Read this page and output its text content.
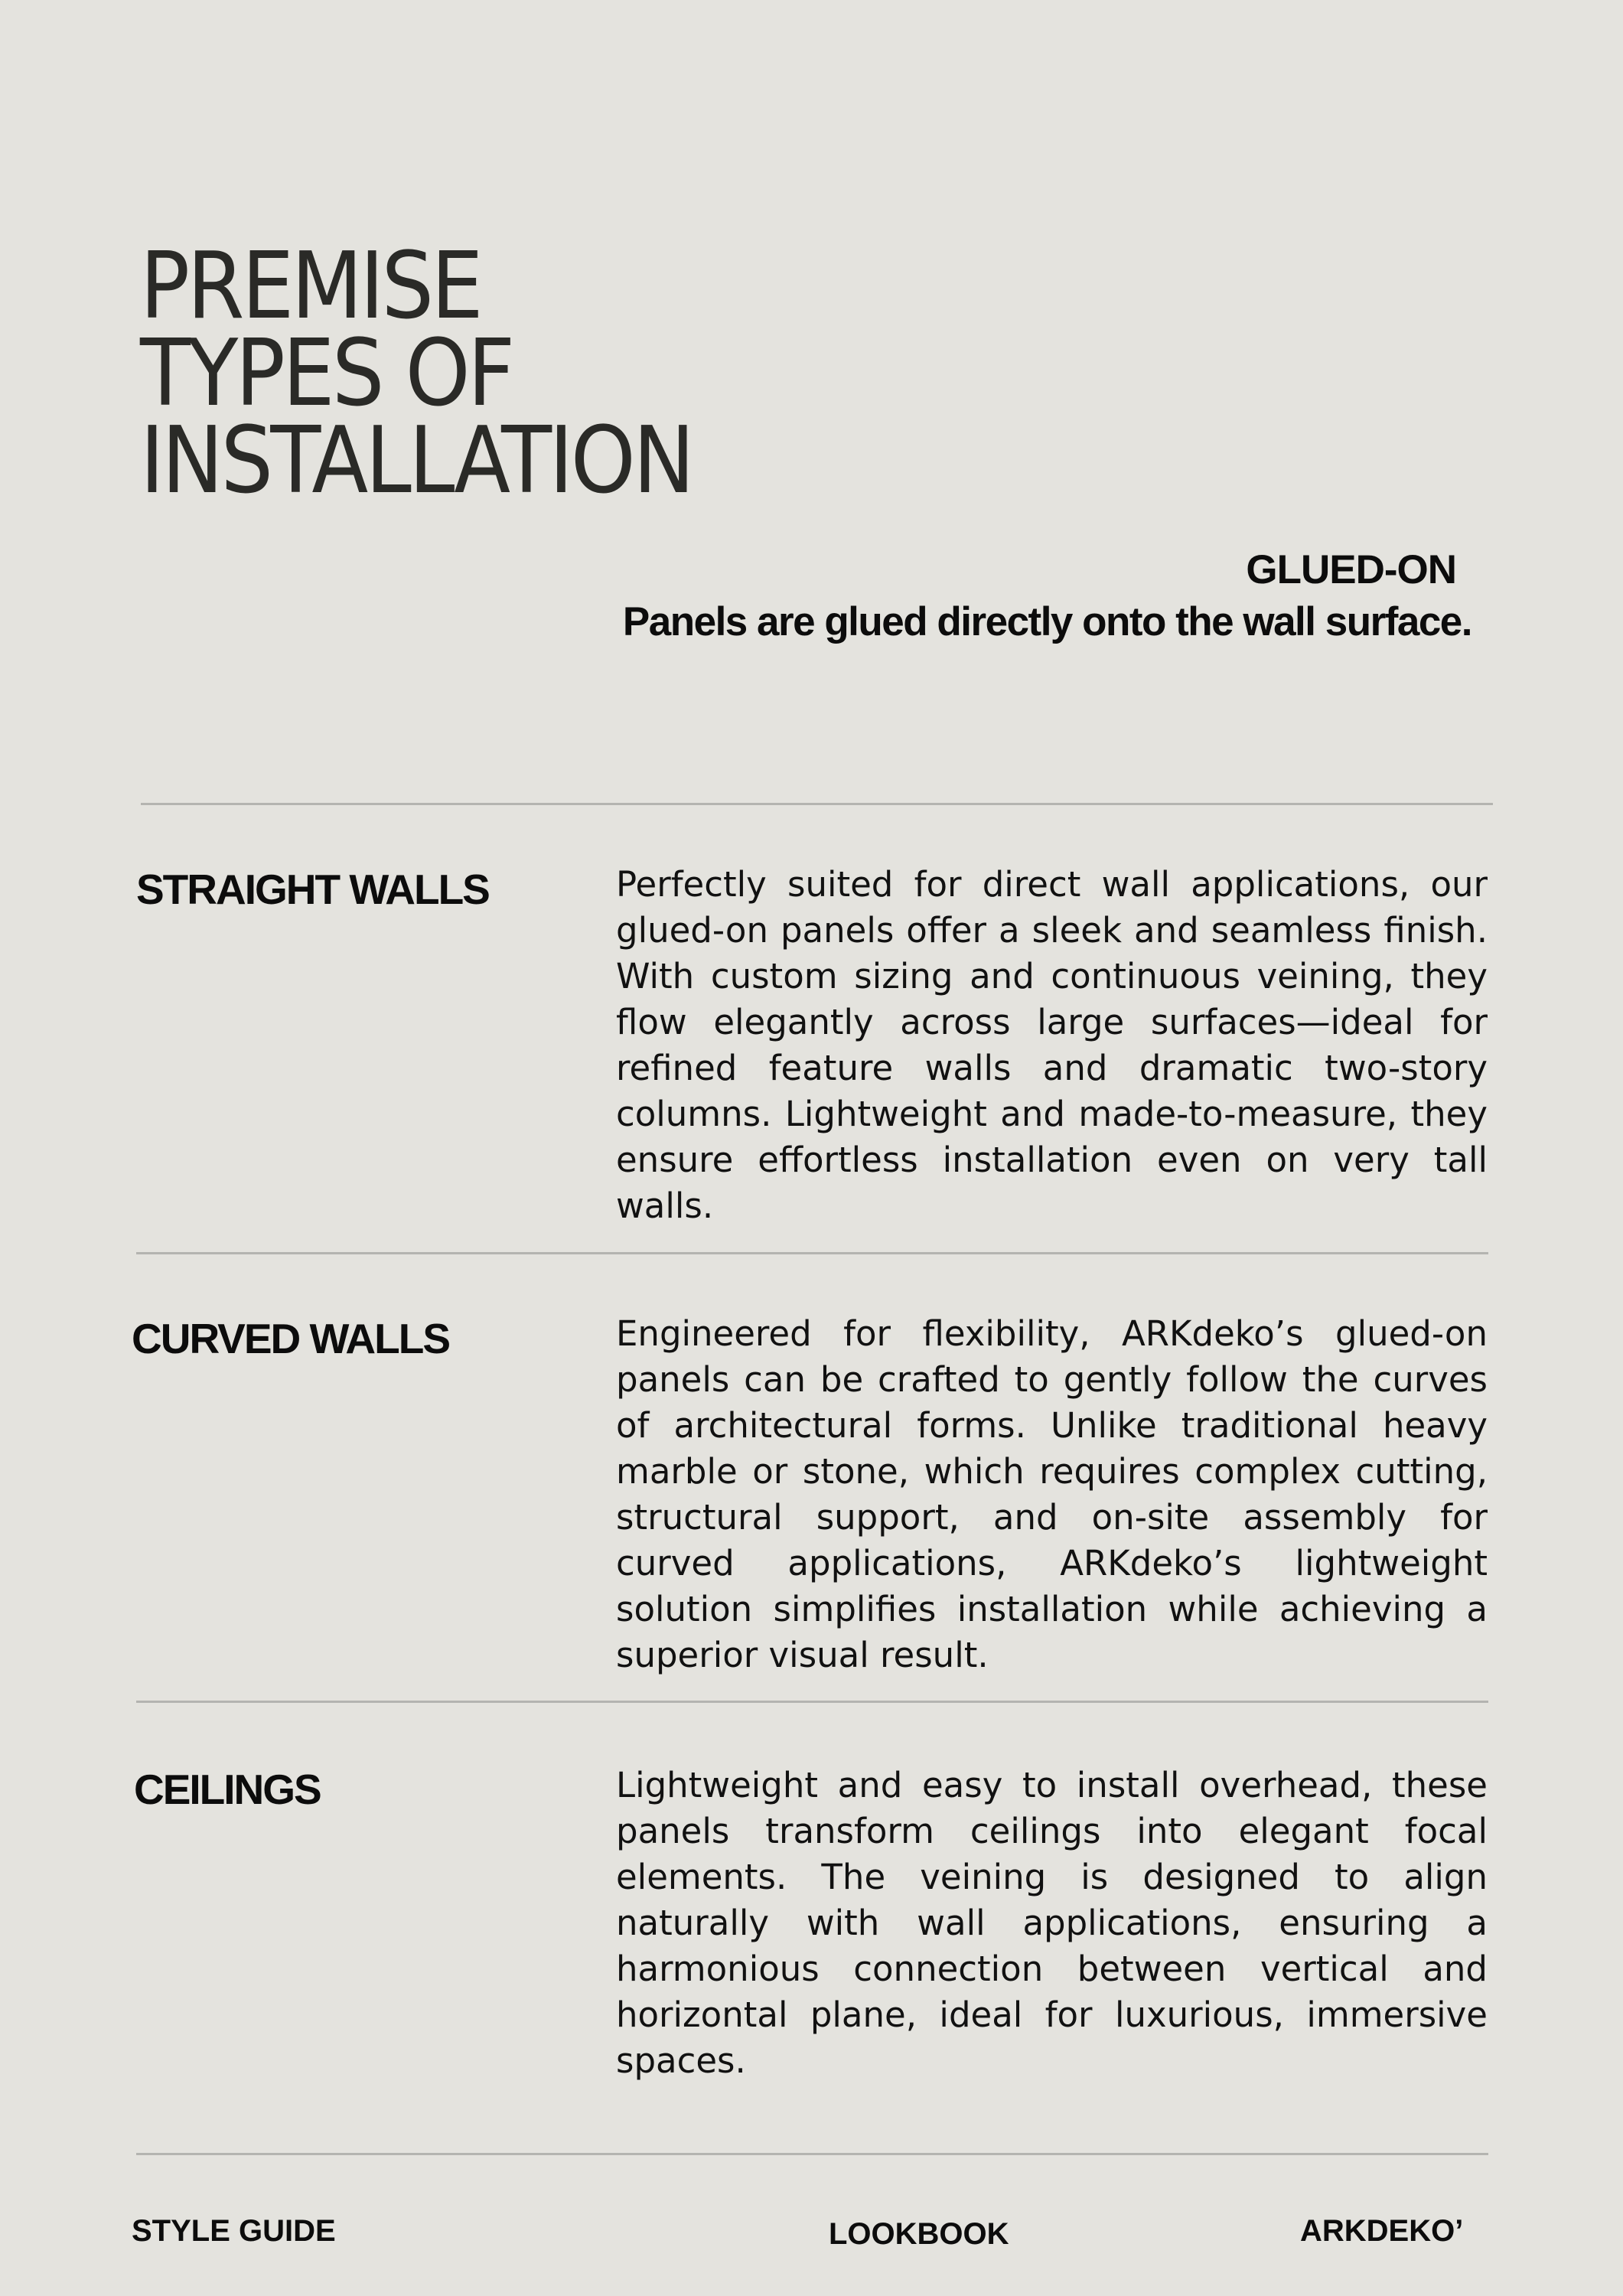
PREMISE
TYPES OF
INSTALLATION
GLUED-ON
Panels are glued directly onto the wall surface.
STRAIGHT WALLS	Perfectly suited for direct wall applications, our glued-on panels offer a sleek and seamless finish. With custom sizing and continuous veining, they flow elegantly across large surfaces—ideal for refined feature walls and dramatic two-story columns. Lightweight and made-to-measure, they ensure effortless installation even on very tall walls.

CURVED WALLS	Engineered for flexibility, ARKdeko’s glued-on panels can be crafted to gently follow the curves of architectural forms. Unlike traditional heavy marble or stone, which requires complex cutting, structural support, and on-site assembly for curved applications, ARKdeko’s lightweight solution simplifies installation while achieving a superior visual result.

CEILINGS	Lightweight and easy to install overhead, these panels transform ceilings into elegant focal elements. The veining is designed to align naturally with wall applications, ensuring a harmonious connection between vertical and horizontal plane, ideal for luxurious, immersive spaces.

STYLE GUIDE	LOOKBOOK	ARKDEKO’
